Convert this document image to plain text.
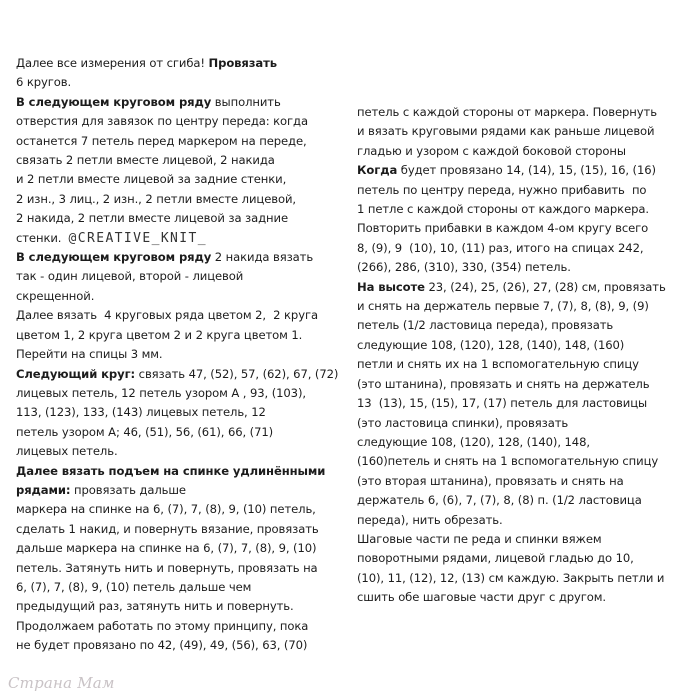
Далее все измерения от сгиба! Провязать
6 кругов.
В следующем круговом ряду выполнить
отверстия для завязок по центру переда: когда
останется 7 петель перед маркером на переде,
связать 2 петли вместе лицевой, 2 накида
и 2 петли вместе лицевой за задние стенки,
2 изн., 3 лиц., 2 изн., 2 петли вместе лицевой,
2 накида, 2 петли вместе лицевой за задние
стенки.  @CREATIVE_KNIT_
В следующем круговом ряду 2 накида вязать
так - один лицевой, второй - лицевой
скрещенной.
Далее вязать  4 круговых ряда цветом 2,  2 круга
цветом 1, 2 круга цветом 2 и 2 круга цветом 1.
Перейти на спицы 3 мм.
Следующий круг: связать 47, (52), 57, (62), 67, (72)
лицевых петель, 12 петель узором А , 93, (103),
113, (123), 133, (143) лицевых петель, 12
петель узором А; 46, (51), 56, (61), 66, (71)
лицевых петель.
Далее вязать подъем на спинке удлинёнными
рядами: провязать дальше
маркера на спинке на 6, (7), 7, (8), 9, (10) петель,
сделать 1 накид, и повернуть вязание, провязать
дальше маркера на спинке на 6, (7), 7, (8), 9, (10)
петель. Затянуть нить и повернуть, провязать на
6, (7), 7, (8), 9, (10) петель дальше чем
предыдущий раз, затянуть нить и повернуть.
Продолжаем работать по этому принципу, пока
не будет провязано по 42, (49), 49, (56), 63, (70)
петель с каждой стороны от маркера. Повернуть
и вязать круговыми рядами как раньше лицевой
гладью и узором с каждой боковой стороны
Когда будет провязано 14, (14), 15, (15), 16, (16)
петель по центру переда, нужно прибавить  по
1 петле с каждой стороны от каждого маркера.
Повторить прибавки в каждом 4-ом кругу всего
8, (9), 9  (10), 10, (11) раз, итого на спицах 242,
(266), 286, (310), 330, (354) петель.
На высоте 23, (24), 25, (26), 27, (28) см, провязать
и снять на держатель первые 7, (7), 8, (8), 9, (9)
петель (1/2 ластовица переда), провязать
следующие 108, (120), 128, (140), 148, (160)
петли и снять их на 1 вспомогательную спицу
(это штанина), провязать и снять на держатель
13  (13), 15, (15), 17, (17) петель для ластовицы
(это ластовица спинки), провязать
следующие 108, (120), 128, (140), 148,
(160)петель и снять на 1 вспомогательную спицу
(это вторая штанина), провязать и снять на
держатель 6, (6), 7, (7), 8, (8) п. (1/2 ластовица
переда), нить обрезать.
Шаговые части пе реда и спинки вяжем
поворотными рядами, лицевой гладью до 10,
(10), 11, (12), 12, (13) см каждую. Закрыть петли и
сшить обе шаговые части друг с другом.
Страна Мам
